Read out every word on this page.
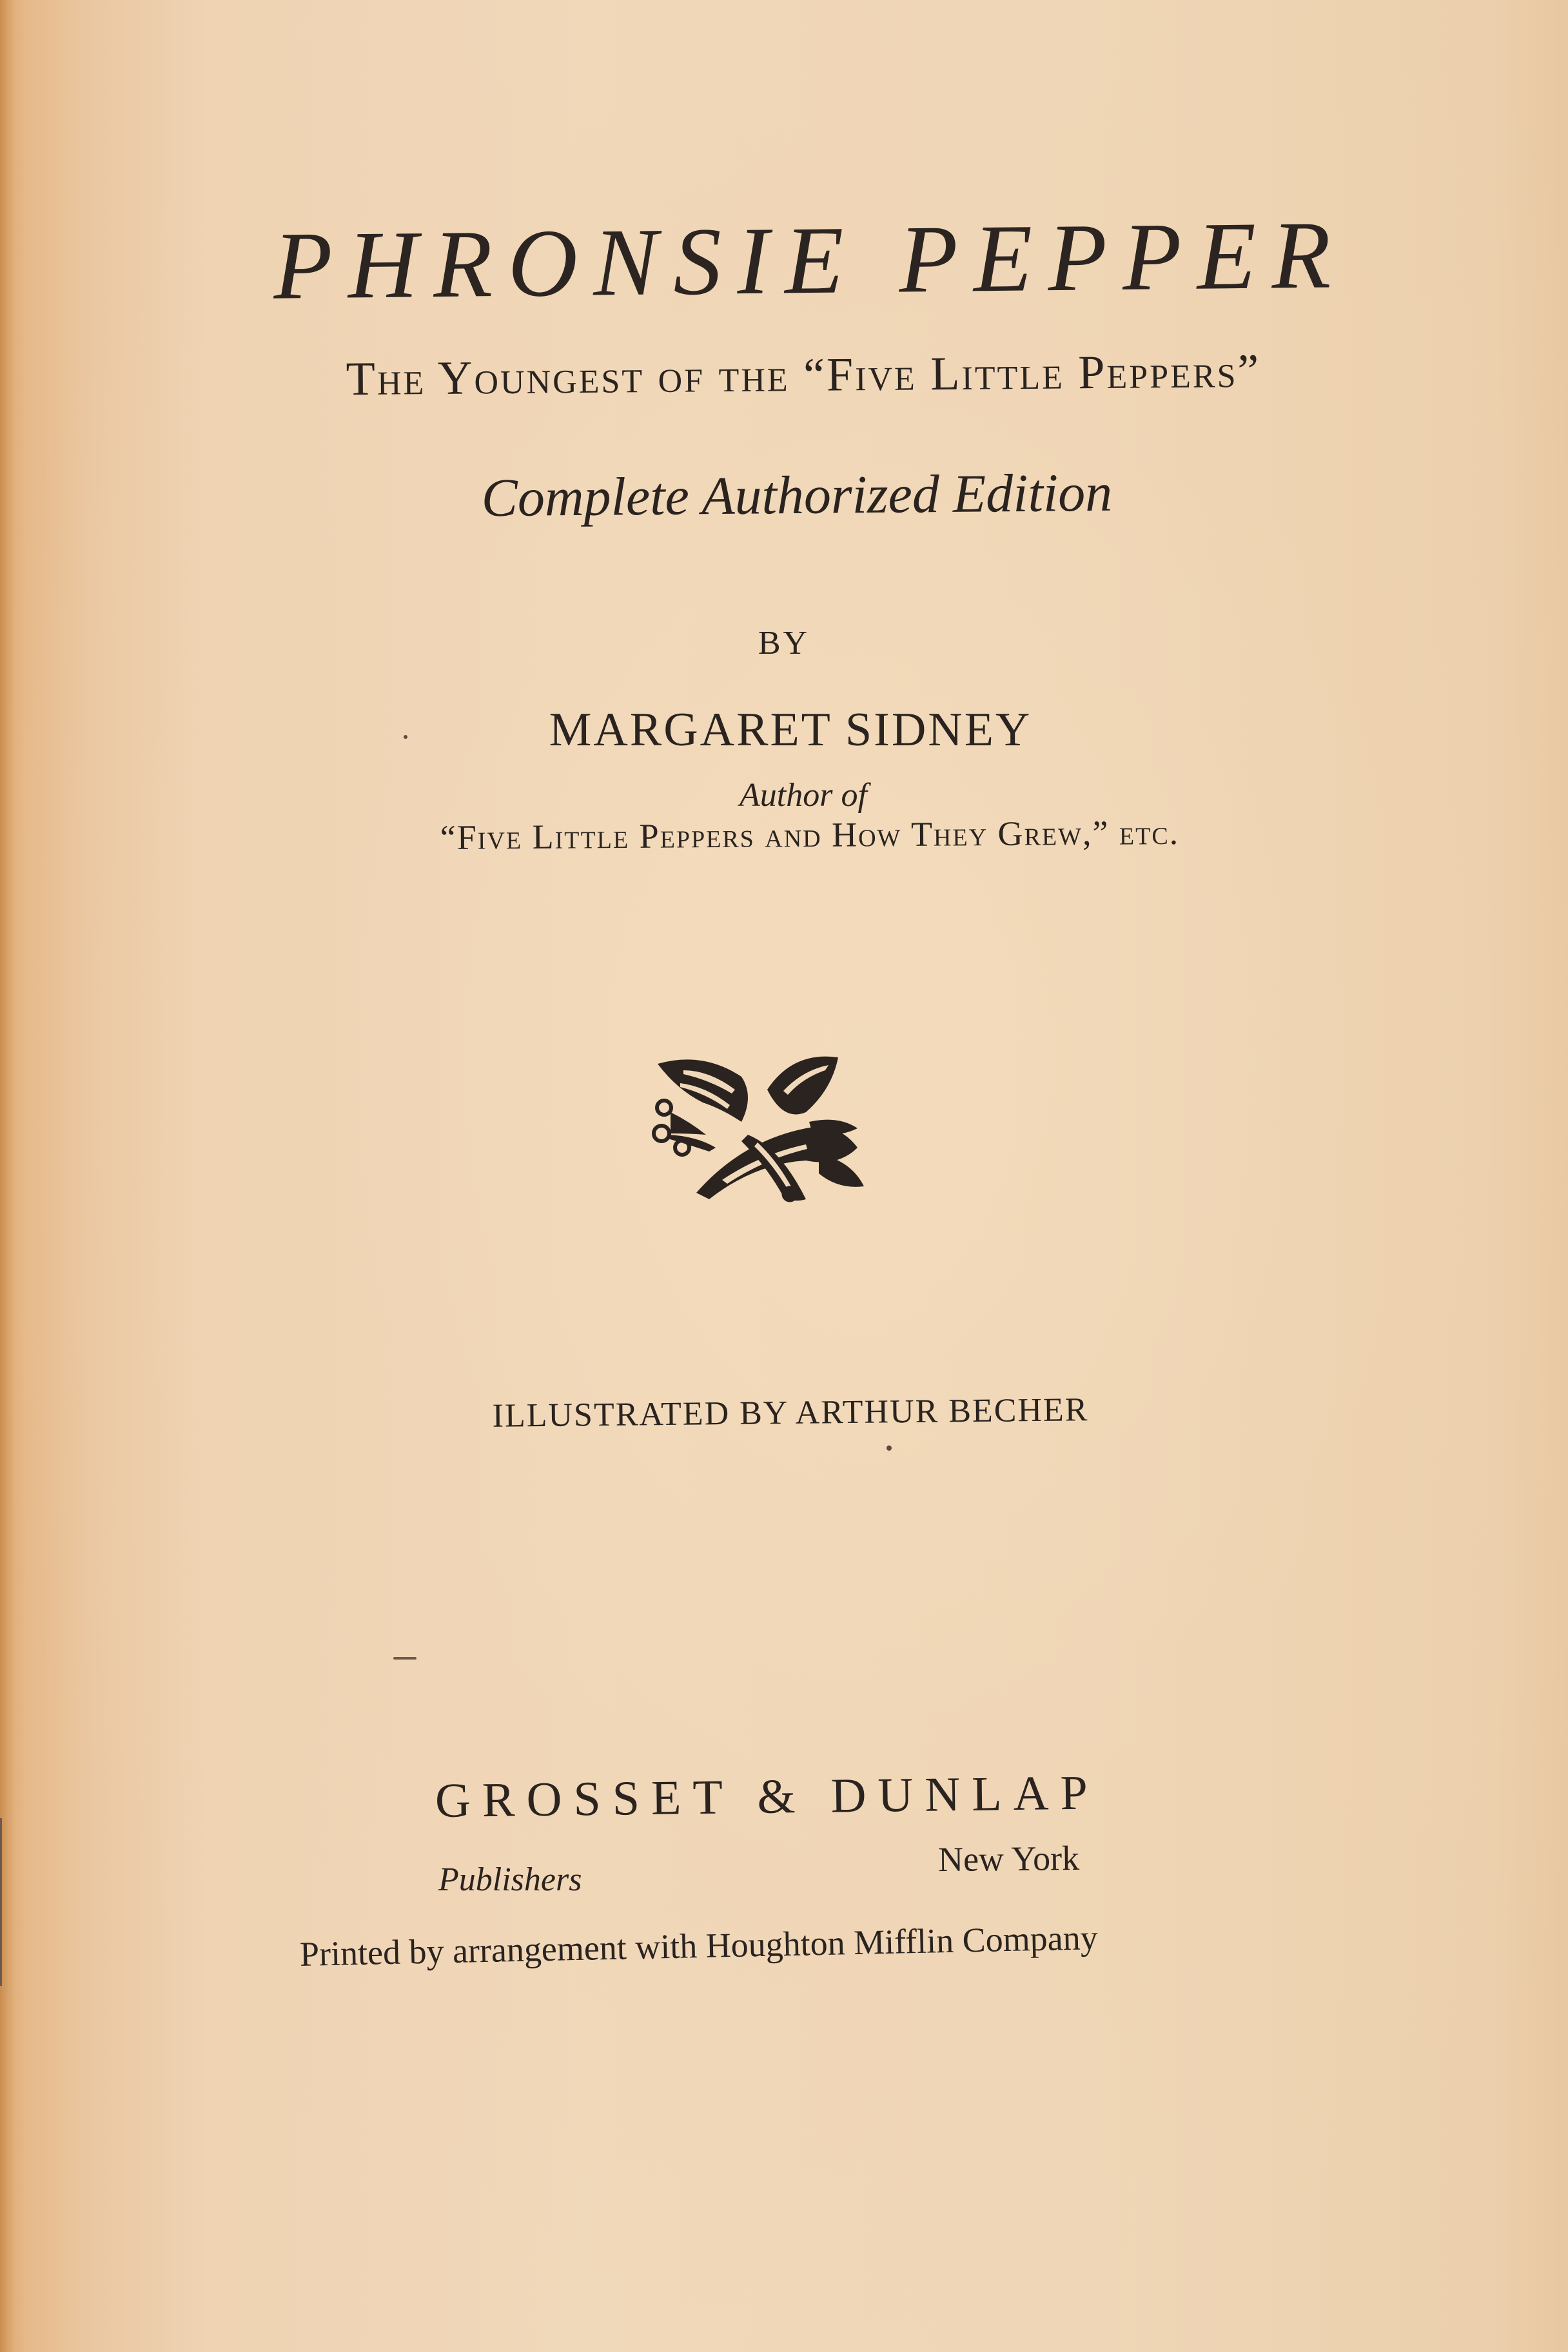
PHRONSIE PEPPER
The Youngest of the “Five Little Peppers”
Complete Authorized Edition
BY
MARGARET SIDNEY
Author of
“Five Little Peppers and How They Grew,” etc.
ILLUSTRATED BY ARTHUR BECHER
GROSSET & DUNLAP
Publishers
New York
Printed by arrangement with Houghton Mifflin Company
